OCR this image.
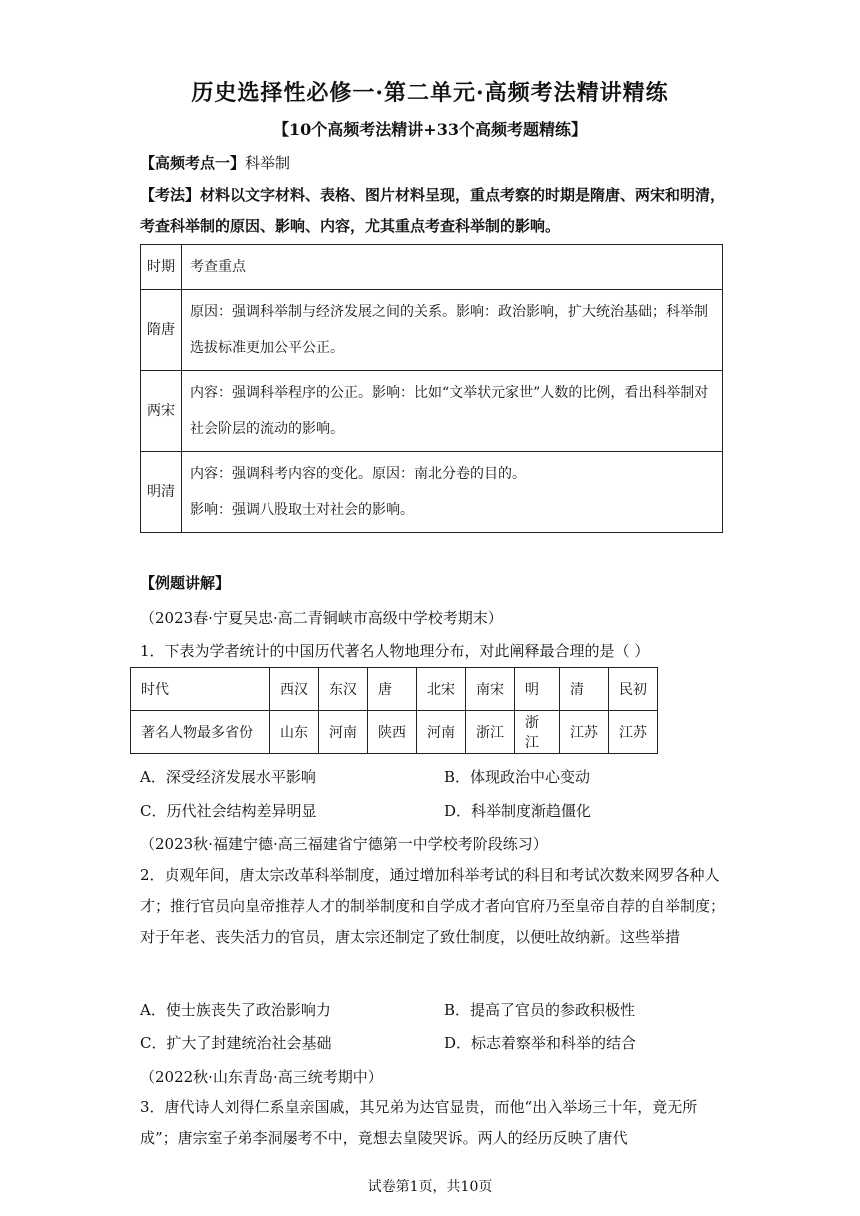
历史选择性必修一·第二单元·高频考法精讲精练
【10个高频考法精讲+33个高频考题精练】
【高频考点一】科举制
【考法】材料以文字材料、表格、图片材料呈现，重点考察的时期是隋唐、两宋和明清，考查科举制的原因、影响、内容，尤其重点考查科举制的影响。
时期	考查重点
隋唐	原因：强调科举制与经济发展之间的关系。影响：政治影响，扩大统治基础；科举制选拔标准更加公平公正。
两宋	内容：强调科举程序的公正。影响：比如“文举状元家世”人数的比例，看出科举制对社会阶层的流动的影响。
明清	内容：强调科考内容的变化。原因：南北分卷的目的。
影响：强调八股取士对社会的影响。
【例题讲解】
（2023春·宁夏吴忠·高二青铜峡市高级中学校考期末）
1．下表为学者统计的中国历代著名人物地理分布，对此阐释最合理的是（ ）
时代	西汉	东汉	唐	北宋	南宋	明	清	民初
著名人物最多省份	山东	河南	陕西	河南	浙江	浙江	江苏	江苏
A．深受经济发展水平影响	B．体现政治中心变动
C．历代社会结构差异明显	D．科举制度渐趋僵化
（2023秋·福建宁德·高三福建省宁德第一中学校考阶段练习）
2．贞观年间，唐太宗改革科举制度，通过增加科举考试的科目和考试次数来网罗各种人才；推行官员向皇帝推荐人才的制举制度和自学成才者向官府乃至皇帝自荐的自举制度；对于年老、丧失活力的官员，唐太宗还制定了致仕制度，以便吐故纳新。这些举措
A．使士族丧失了政治影响力	B．提高了官员的参政积极性
C．扩大了封建统治社会基础	D．标志着察举和科举的结合
（2022秋·山东青岛·高三统考期中）
3．唐代诗人刘得仁系皇亲国戚，其兄弟为达官显贵，而他“出入举场三十年，竟无所成”；唐宗室子弟李洞屡考不中，竟想去皇陵哭诉。两人的经历反映了唐代
试卷第1页，共10页
